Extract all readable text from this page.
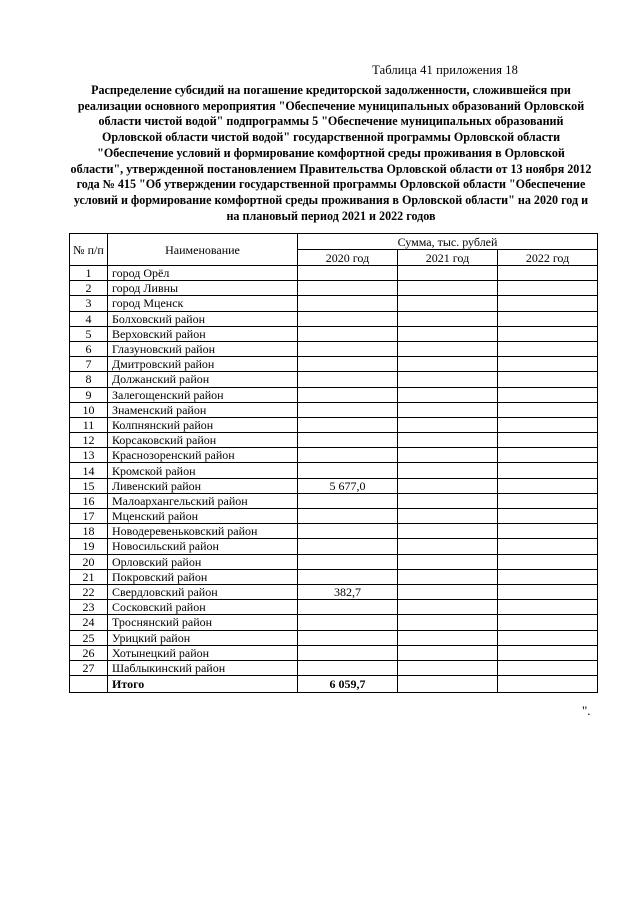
Таблица 41 приложения 18
Распределение субсидий на погашение кредиторской задолженности, сложившейся при реализации основного мероприятия "Обеспечение муниципальных образований Орловской области чистой водой" подпрограммы 5 "Обеспечение муниципальных образований Орловской области чистой водой" государственной программы Орловской области "Обеспечение условий и формирование комфортной среды проживания в Орловской области", утвержденной постановлением Правительства Орловской области от 13 ноября 2012 года № 415 "Об утверждении государственной программы Орловской области "Обеспечение условий и формирование комфортной среды проживания в Орловской области" на 2020 год и на плановый период 2021 и 2022 годов
№ п/п	Наименование	Сумма, тыс. рублей		
		2020 год	2021 год	2022 год
1	город Орёл			
2	город Ливны			
3	город Мценск			
4	Болховский район			
5	Верховский район			
6	Глазуновский район			
7	Дмитровский район			
8	Должанский район			
9	Залегощенский район			
10	Знаменский район			
11	Колпнянский район			
12	Корсаковский район			
13	Краснозоренский район			
14	Кромской район			
15	Ливенский район	5 677,0		
16	Малоархангельский район			
17	Мценский район			
18	Новодеревеньковский район			
19	Новосильский район			
20	Орловский район			
21	Покровский район			
22	Свердловский район	382,7		
23	Сосковский район			
24	Троснянский район			
25	Урицкий район			
26	Хотынецкий район			
27	Шаблыкинский район			
	Итого	6 059,7		
".
